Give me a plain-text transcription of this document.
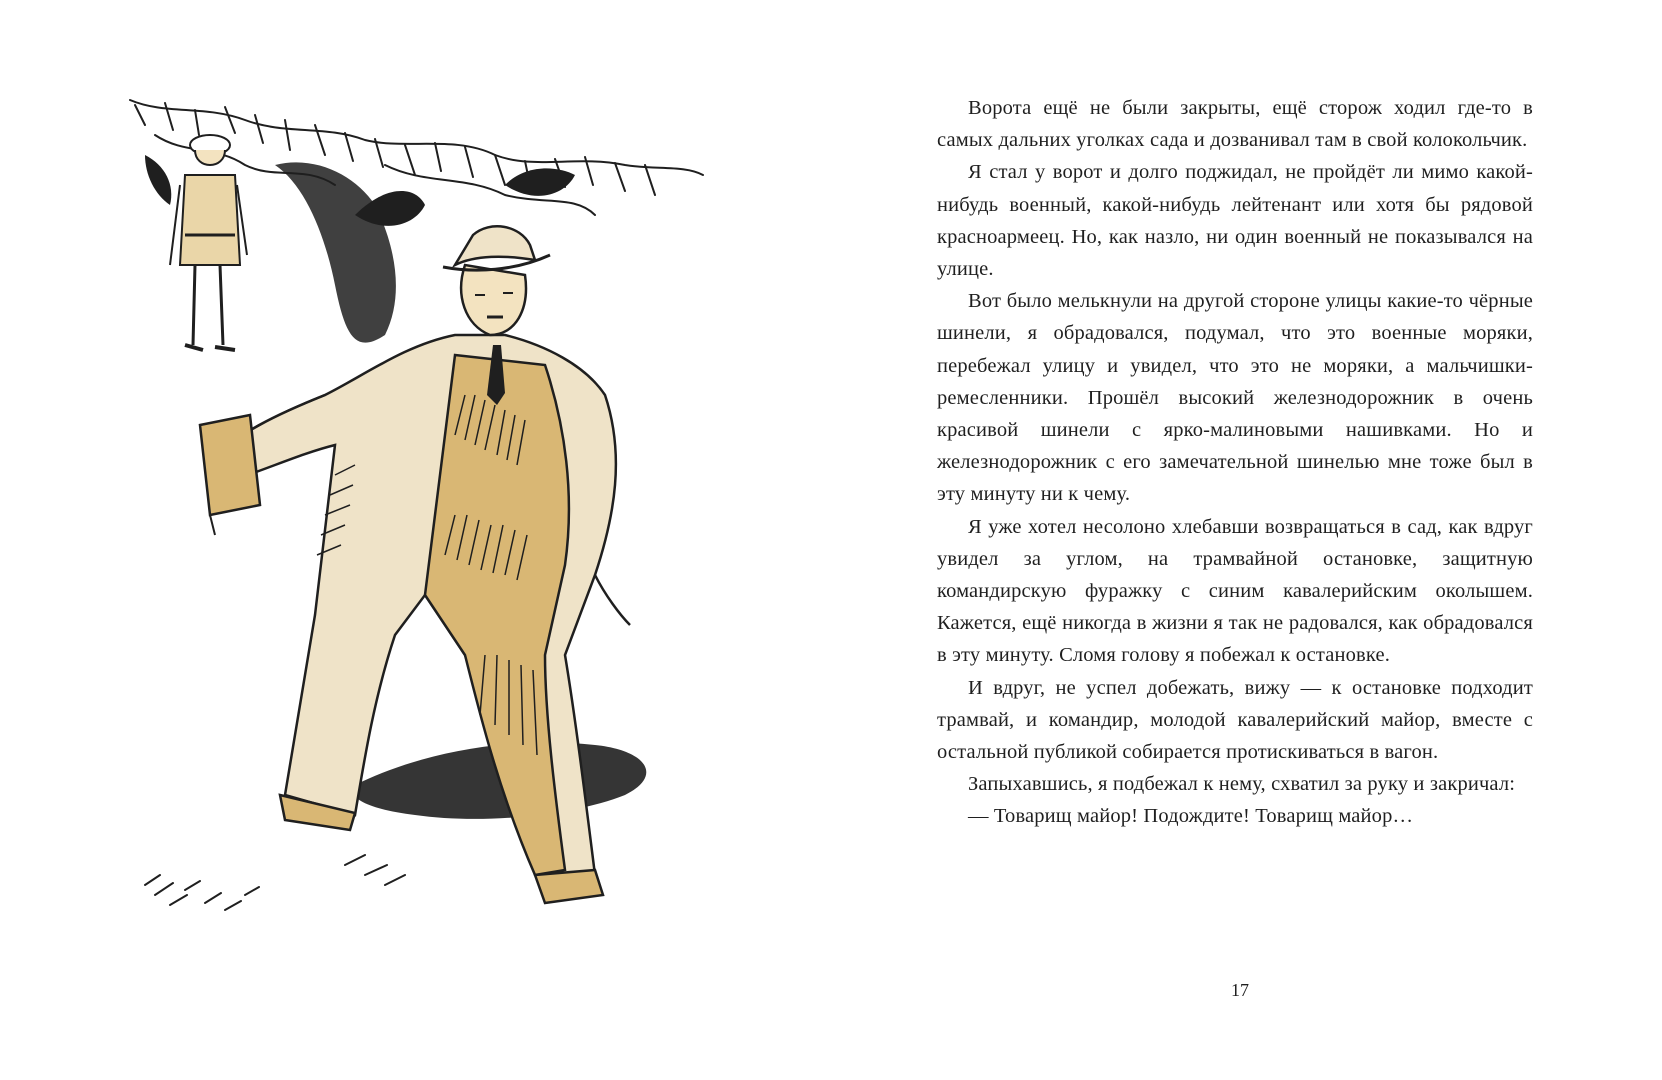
Ворота ещё не были закрыты, ещё сторож ходил где-то в самых дальних уголках сада и дозванивал там в свой колокольчик.

Я стал у ворот и долго поджидал, не пройдёт ли мимо какой-нибудь военный, какой-нибудь лейтенант или хотя бы рядовой красноармеец. Но, как назло, ни один военный не показывался на улице.

Вот было мелькнули на другой стороне улицы какие-то чёрные шинели, я обрадовался, подумал, что это военные моряки, перебежал улицу и увидел, что это не моряки, а мальчишки-ремесленники. Прошёл высокий железнодорожник в очень красивой шинели с ярко-малиновыми нашивками. Но и железнодорожник с его замечательной шинелью мне тоже был в эту минуту ни к чему.

Я уже хотел несолоно хлебавши возвращаться в сад, как вдруг увидел за углом, на трамвайной остановке, защитную командирскую фуражку с синим кавалерийским околышем. Кажется, ещё никогда в жизни я так не радовался, как обрадовался в эту минуту. Сломя голову я побежал к остановке.

И вдруг, не успел добежать, вижу — к остановке подходит трамвай, и командир, молодой кавалерийский майор, вместе с остальной публикой собирается протискиваться в вагон.

Запыхавшись, я подбежал к нему, схватил за руку и закричал:

— Товарищ майор! Подождите! Товарищ майор…

17
